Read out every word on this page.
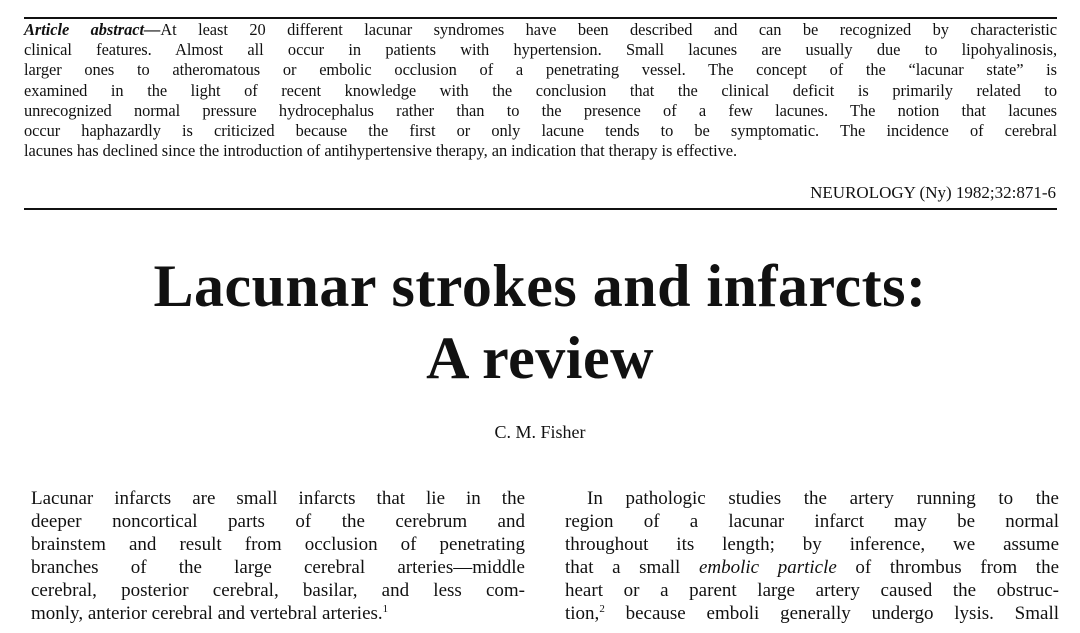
Article abstract—At least 20 different lacunar syndromes have been described and can be recognized by characteristic
clinical features. Almost all occur in patients with hypertension. Small lacunes are usually due to lipohyalinosis,
larger ones to atheromatous or embolic occlusion of a penetrating vessel. The concept of the “lacunar state” is
examined in the light of recent knowledge with the conclusion that the clinical deficit is primarily related to
unrecognized normal pressure hydrocephalus rather than to the presence of a few lacunes. The notion that lacunes
occur haphazardly is criticized because the first or only lacune tends to be symptomatic. The incidence of cerebral
lacunes has declined since the introduction of antihypertensive therapy, an indication that therapy is effective.
NEUROLOGY (Ny) 1982;32:871-6
Lacunar strokes and infarcts:
A review
C. M. Fisher
Lacunar infarcts are small infarcts that lie in the
deeper noncortical parts of the cerebrum and
brainstem and result from occlusion of penetrating
branches of the large cerebral arteries—middle
cerebral, posterior cerebral, basilar, and less com-
monly, anterior cerebral and vertebral arteries.$^1$
In pathologic studies the artery running to the
region of a lacunar infarct may be normal
throughout its length; by inference, we assume
that a small embolic particle of thrombus from the
heart or a parent large artery caused the obstruc-
tion,$^2$ because emboli generally undergo lysis. Small
